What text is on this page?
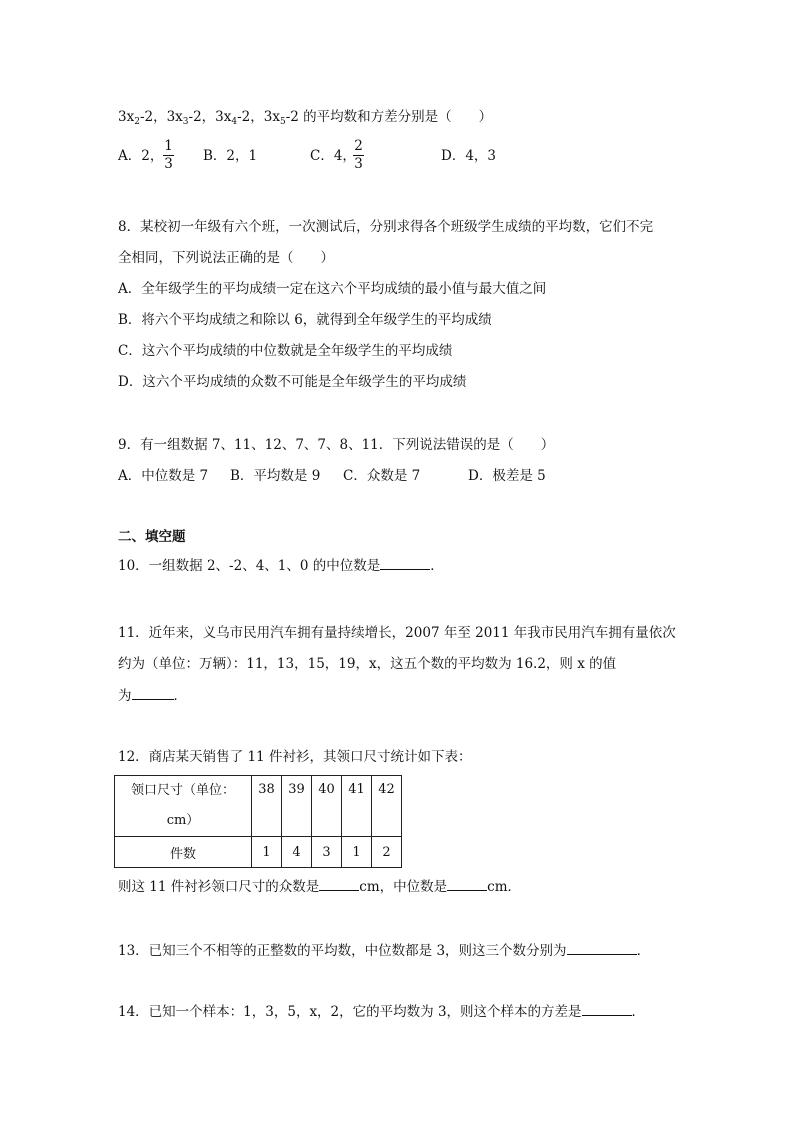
$3x_2-2$，$3x_3-2$，$3x_4-2$，$3x_5-2$ 的平均数和方差分别是（　　）
A．2，
1
3 B．2，1	C．4，
2
3	D．4，3
8．某校初一年级有六个班，一次测试后，分别求得各个班级学生成绩的平均数，它们不完
全相同，下列说法正确的是（　　）
A．全年级学生的平均成绩一定在这六个平均成绩的最小值与最大值之间
B．将六个平均成绩之和除以 6，就得到全年级学生的平均成绩
C．这六个平均成绩的中位数就是全年级学生的平均成绩
D．这六个平均成绩的众数不可能是全年级学生的平均成绩
9．有一组数据 7、11、12、7、7、8、11．下列说法错误的是（　　）
A．中位数是 7 B．平均数是 9 C．众数是 7	D．极差是 5
二、填空题
10．一组数据 2、-2、4、1、0 的中位数是	．
11．近年来，义乌市民用汽车拥有量持续增长，2007 年至 2011 年我市民用汽车拥有量依次
约为（单位：万辆）：11，13，15，19，x，这五个数的平均数为 16.2，则 x 的值
为	．
12．商店某天销售了 11 件衬衫，其领口尺寸统计如下表：
领口尺寸（单位：
cm）	38	39	40	41	42
件数	1	4	3	1	2
则这 11 件衬衫领口尺寸的众数是	cm，中位数是	cm．
13．已知三个不相等的正整数的平均数，中位数都是 3，则这三个数分别为	．
14．已知一个样本：1，3，5，x，2，它的平均数为 3，则这个样本的方差是	．
